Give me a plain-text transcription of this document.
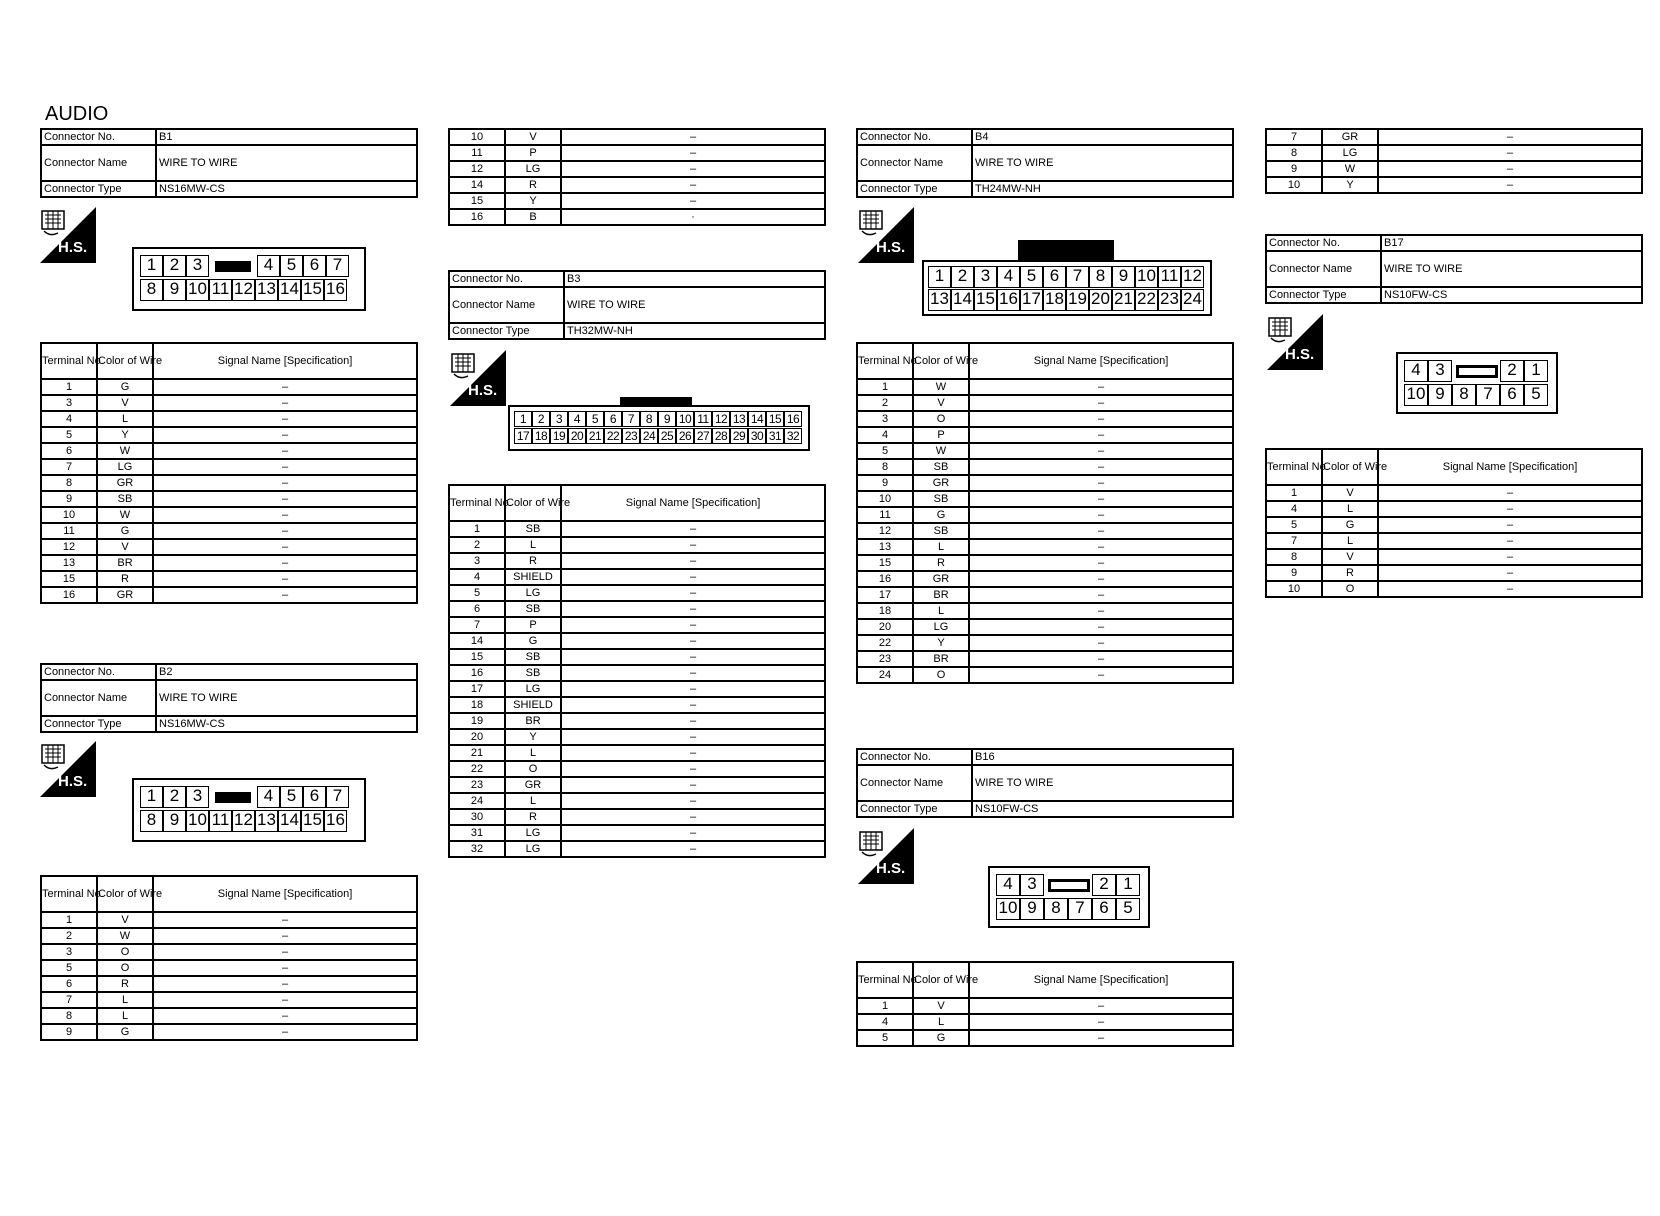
AUDIO
Connector No.	B1
Connector Name	WIRE TO WIRE
Connector Type	NS16MW-CS
H.S.
1 2 3	4 5 6 7
8 9 10 11 12 13 14 15 16
Terminal No.	Color of Wire	Signal Name [Specification]
1	G	–
3	V	–
4	L	–
5	Y	–
6	W	–
7	LG	–
8	GR	–
9	SB	–
10	W	–
11	G	–
12	V	–
13	BR	–
15	R	–
16	GR	–
Connector No.	B2
Connector Name	WIRE TO WIRE
Connector Type	NS16MW-CS
H.S.
1 2 3	4 5 6 7
8 9 10 11 12 13 14 15 16
Terminal No.	Color of Wire	Signal Name [Specification]
1	V	–
2	W	–
3	O	–
5	O	–
6	R	–
7	L	–
8	L	–
9	G	–
10	V	–
11	P	–
12	LG	–
14	R	–
15	Y	–
16	B	·
Connector No.	B3
Connector Name	WIRE TO WIRE
Connector Type	TH32MW-NH
H.S.
1 2 3 4 5 6 7 8 9 10 11 12 13 14 15 16
17 18 19 20 21 22 23 24 25 26 27 28 29 30 31 32
Terminal No.	Color of Wire	Signal Name [Specification]
1	SB	–
2	L	–
3	R	–
4	SHIELD	–
5	LG	–
6	SB	–
7	P	–
14	G	–
15	SB	–
16	SB	–
17	LG	–
18	SHIELD	–
19	BR	–
20	Y	–
21	L	–
22	O	–
23	GR	–
24	L	–
30	R	–
31	LG	–
32	LG	–
Connector No.	B4
Connector Name	WIRE TO WIRE
Connector Type	TH24MW-NH
H.S.
1 2 3 4 5 6 7 8 9 10 11 12
13 14 15 16 17 18 19 20 21 22 23 24
Terminal No.	Color of Wire	Signal Name [Specification]
1	W	–
2	V	–
3	O	–
4	P	–
5	W	–
8	SB	–
9	GR	–
10	SB	–
11	G	–
12	SB	–
13	L	–
15	R	–
16	GR	–
17	BR	–
18	L	–
20	LG	–
22	Y	–
23	BR	–
24	O	–
Connector No.	B16
Connector Name	WIRE TO WIRE
Connector Type	NS10FW-CS
H.S.
4 3	2 1
10 9 8 7 6 5
Terminal No.	Color of Wire	Signal Name [Specification]
1	V	–
4	L	–
5	G	–
7	GR	–
8	LG	–
9	W	–
10	Y	–
Connector No.	B17
Connector Name	WIRE TO WIRE
Connector Type	NS10FW-CS
H.S.
4 3	2 1
10 9 8 7 6 5
Terminal No.	Color of Wire	Signal Name [Specification]
1	V	–
4	L	–
5	G	–
7	L	–
8	V	–
9	R	–
10	O	–
